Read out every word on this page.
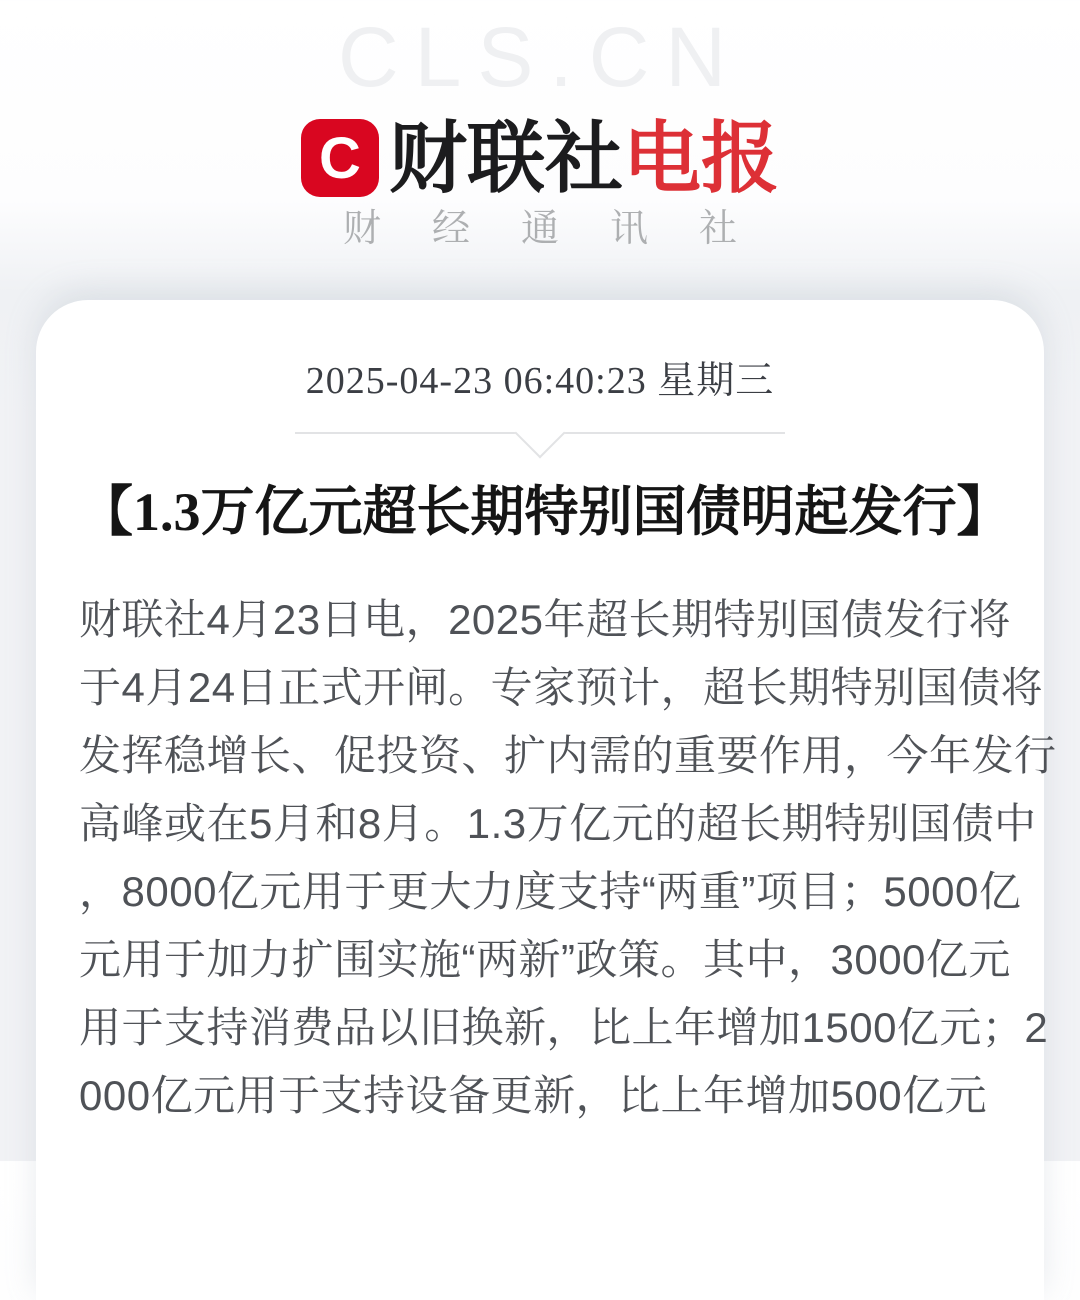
CLS.CN
C 财联社电报
财经通讯社
2025-04-23 06:40:23 星期三
【1.3万亿元超长期特别国债明起发行】
财联社4月23日电，2025年超长期特别国债发行将
于4月24日正式开闸。专家预计，超长期特别国债将
发挥稳增长、促投资、扩内需的重要作用，今年发行
高峰或在5月和8月。1.3万亿元的超长期特别国债中
，8000亿元用于更大力度支持“两重”项目；5000亿
元用于加力扩围实施“两新”政策。其中，3000亿元
用于支持消费品以旧换新，比上年增加1500亿元；2
000亿元用于支持设备更新，比上年增加500亿元
